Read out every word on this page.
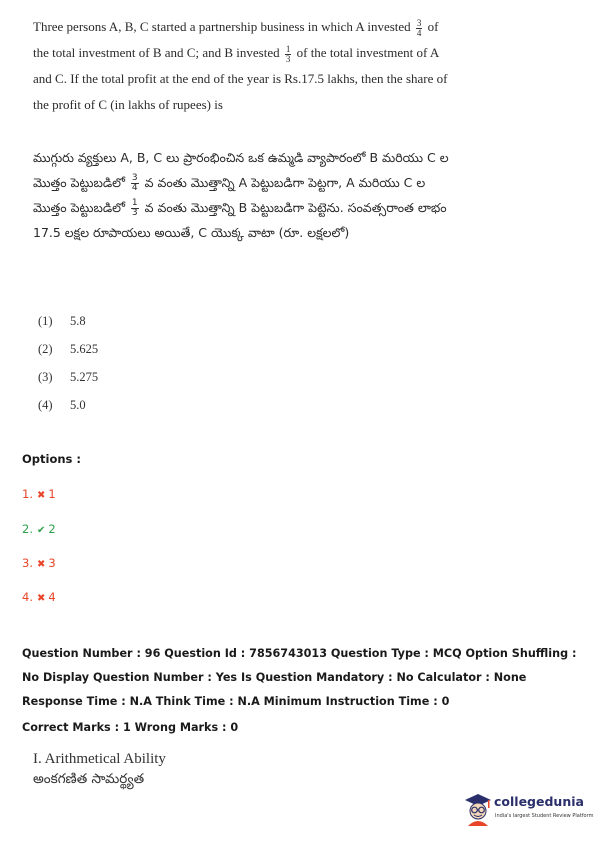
Three persons A, B, C started a partnership business in which A invested $\frac{3}{4}$ of the total investment of B and C; and B invested $\frac{1}{3}$ of the total investment of A and C. If the total profit at the end of the year is Rs.17.5 lakhs, then the share of the profit of C (in lakhs of rupees) is
ముగ్గురు వ్యక్తులు A, B, C లు ప్రారంభించిన ఒక ఉమ్మడి వ్యాపారంలో B మరియు C ల మొత్తం పెట్టుబడిలో $\frac{3}{4}$ వ వంతు మొత్తాన్ని A పెట్టుబడిగా పెట్టగా, A మరియు C ల మొత్తం పెట్టుబడిలో $\frac{1}{3}$ వ వంతు మొత్తాన్ని B పెట్టుబడిగా పెట్టెను. సంవత్సరాంత లాభం 17.5 లక్షల రూపాయలు అయితే, C యొక్క వాటా (రూ. లక్షలలో)
(1) 5.8
(2) 5.625
(3) 5.275
(4) 5.0
Options :
1. ✖ 1
2. ✔ 2
3. ✖ 3
4. ✖ 4
Question Number : 96 Question Id : 7856743013 Question Type : MCQ Option Shuffling : No Display Question Number : Yes Is Question Mandatory : No Calculator : None Response Time : N.A Think Time : N.A Minimum Instruction Time : 0
Correct Marks : 1 Wrong Marks : 0
I. Arithmetical Ability
అంకగణిత సామర్థ్యత
collegedunia
India's largest Student Review Platform
